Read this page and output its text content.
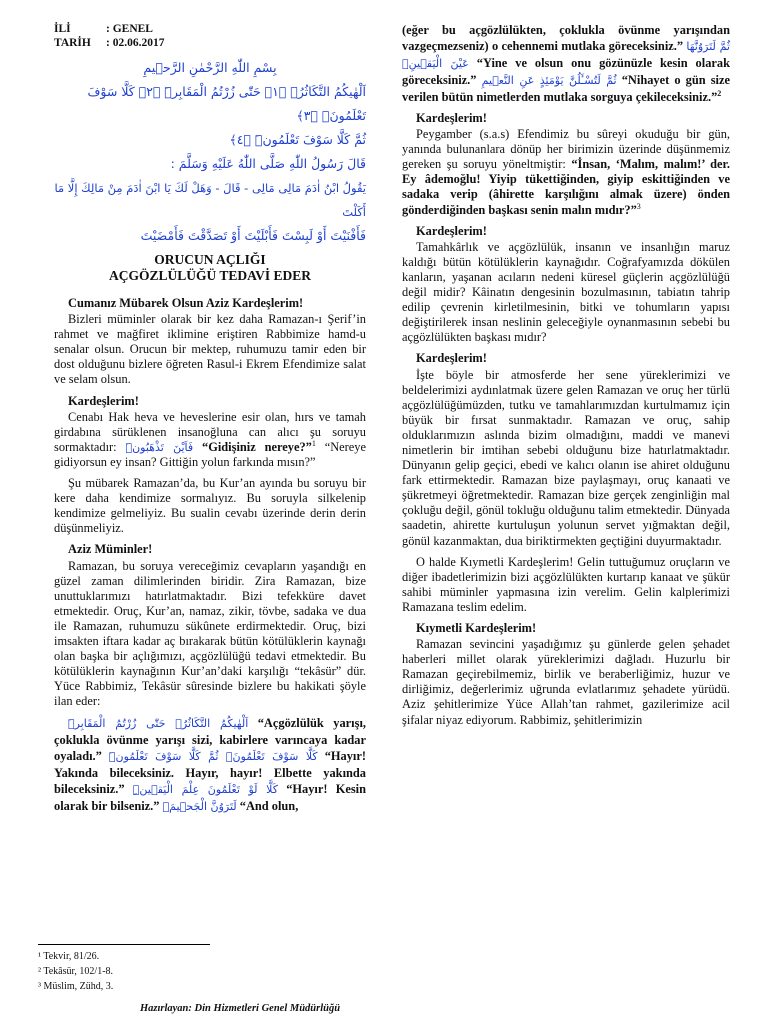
İLİ	: GENEL
TARİH	: 02.06.2017
بِسْمِ اللّٰهِ الرَّحْمٰنِ الرَّح۪يمِ
اَلْهٰيكُمُ التَّكَاثُرُۙ ﴿١﴾ حَتّٰى زُرْتُمُ الْمَقَابِرَۜ ﴿٢﴾ كَلَّا سَوْفَ تَعْلَمُونَۙ ﴿٣﴾
ثُمَّ كَلَّا سَوْفَ تَعْلَمُونَۜ ﴿٤﴾
قَالَ رَسُولُ اللّٰهِ صَلَّى اللّٰهُ عَلَيْهِ وَسَلَّمَ :
يَقُولُ ابْنُ اٰدَمَ مَالِى مَالِى - قَالَ - وَهَلْ لَكَ يَا ابْنَ اٰدَمَ مِنْ مَالِكَ إِلَّا مَا أَكَلْتَ
فَأَفْنَيْتَ أَوْ لَبِسْتَ فَأَبْلَيْتَ أَوْ تَصَدَّقْتَ فَأَمْضَيْتَ
ORUCUN AÇLIĞI
AÇGÖZLÜLÜĞÜ TEDAVİ EDER
Cumanız Mübarek Olsun Aziz Kardeşlerim!

Bizleri müminler olarak bir kez daha Ramazan-ı Şerif’in rahmet ve mağfiret iklimine eriştiren Rabbimize hamd-u senalar olsun. Orucun bir mektep, ruhumuzu tamir eden bir dost olduğunu bizlere öğreten Rasul-i Ekrem Efendimize salat ve selam olsun.

Kardeşlerim!

Cenabı Hak heva ve heveslerine esir olan, hırs ve tamah girdabına sürüklenen insanoğluna can alıcı şu soruyu sormaktadır: فَاَيْنَ تَذْهَبُونَۜ “Gidişiniz nereye?”$^1$ “Nereye gidiyorsun ey insan? Gittiğin yolun farkında mısın?”

Şu mübarek Ramazan’da, bu Kur’an ayında bu soruyu bir kere daha kendimize sormalıyız. Bu soruyla silkelenip kendimize gelmeliyiz. Bu sualin cevabı üzerinde derin derin düşünmeliyiz.

Aziz Müminler!

Ramazan, bu soruya vereceğimiz cevapların yaşandığı en güzel zaman dilimlerinden biridir. Zira Ramazan, bize unuttuklarımızı hatırlatmaktadır. Bizi tefekküre davet etmektedir. Oruç, Kur’an, namaz, zikir, tövbe, sadaka ve dua ile Ramazan, ruhumuzu sükûnete erdirmektedir. Oruç, bizi imsakten iftara kadar aç bırakarak bütün kötülüklerin kaynağı olan başka bir açlığımızı, açgözlülüğü tedavi etmektedir. Bu kötülüklerin kaynağının Kur’an’daki karşılığı “tekâsür” dür. Yüce Rabbimiz, Tekâsür sûresinde bizlere bu hakikati şöyle ilan eder:

اَلْهٰيكُمُ التَّكَاثُرُۙ حَتّٰى زُرْتُمُ الْمَقَابِرَۜ “Açgözlülük yarışı, çoklukla övünme yarışı sizi, kabirlere varıncaya kadar oyaladı.” كَلَّا سَوْفَ تَعْلَمُونَۙ ثُمَّ كَلَّا سَوْفَ تَعْلَمُونَۜ “Hayır! Yakında bileceksiniz. Hayır, hayır! Elbette yakında bileceksiniz.” كَلَّا لَوْ تَعْلَمُونَ عِلْمَ الْيَق۪ينِۜ “Hayır! Kesin olarak bir bilseniz.” لَتَرَوُنَّ الْجَح۪يمَۙ “And olun,

(eğer bu açgözlülükten, çoklukla övünme yarışından vazgeçmezseniz) o cehennemi mutlaka göreceksiniz.” ثُمَّ لَتَرَوُنَّهَا عَيْنَ الْيَق۪ينِۙ “Yine ve olsun onu gözünüzle kesin olarak göreceksiniz.” ثُمَّ لَتُسْـَٔلُنَّ يَوْمَئِذٍ عَنِ النَّع۪يمِ “Nihayet o gün size verilen bütün nimetlerden mutlaka sorguya çekileceksiniz.”$^2$

Kardeşlerim!

Peygamber (s.a.s) Efendimiz bu sûreyi okuduğu bir gün, yanında bulunanlara dönüp her birimizin üzerinde düşünmemiz gereken şu soruyu yöneltmiştir: “İnsan, ‘Malım, malım!’ der. Ey âdemoğlu! Yiyip tükettiğinden, giyip eskittiğinden ve sadaka verip (âhirette karşılığını almak üzere) önden gönderdiğinden başkası senin malın mıdır?”$^3$

Kardeşlerim!

Tamahkârlık ve açgözlülük, insanın ve insanlığın maruz kaldığı bütün kötülüklerin kaynağıdır. Coğrafyamızda dökülen kanların, yaşanan acıların nedeni küresel güçlerin açgözlülüğü değil midir? Kâinatın dengesinin bozulmasının, tabiatın tahrip edilip çevrenin kirletilmesinin, bitki ve tohumların yapısı değiştirilerek insan neslinin geleceğiyle oynanmasının sebebi bu açgözlülükten başkası mıdır?

Kardeşlerim!

İşte böyle bir atmosferde her sene yüreklerimizi ve beldelerimizi aydınlatmak üzere gelen Ramazan ve oruç her türlü açgözlülüğümüzden, tutku ve tamahlarımızdan kurtulmamız için büyük bir fırsat sunmaktadır. Ramazan ve oruç, sahip olduklarımızın aslında bizim olmadığını, maddi ve manevi nimetlerin bir imtihan sebebi olduğunu bize hatırlatmaktadır. Dünyanın gelip geçici, ebedi ve kalıcı olanın ise ahiret olduğunu fark ettirmektedir. Ramazan bize paylaşmayı, oruç kanaati ve şükretmeyi öğretmektedir. Ramazan bize gerçek zenginliğin mal çokluğu değil, gönül tokluğu olduğunu talim etmektedir. Dünyada saadetin, ahirette kurtuluşun yolunun servet yığmaktan değil, gönül kazanmaktan, dua biriktirmekten geçtiğini duyurmaktadır.

O halde Kıymetli Kardeşlerim! Gelin tuttuğumuz oruçların ve diğer ibadetlerimizin bizi açgözlülükten kurtarıp kanaat ve şükür sahibi müminler yapmasına izin verelim. Gelin kalplerimizi Ramazana teslim edelim.

Kıymetli Kardeşlerim!

Ramazan sevincini yaşadığımız şu günlerde gelen şehadet haberleri millet olarak yüreklerimizi dağladı. Huzurlu bir Ramazan geçirebilmemiz, birlik ve beraberliğimiz, huzur ve dirliğimiz, değerlerimiz uğrunda evlatlarımız şehadete yürüdü. Aziz şehitlerimize Yüce Allah’tan rahmet, gazilerimize acil şifalar niyaz ediyorum. Rabbimiz, şehitlerimizin

¹ Tekvir, 81/26.
² Tekâsür, 102/1-8.
³ Müslim, Zühd, 3.
Hazırlayan: Din Hizmetleri Genel Müdürlüğü
